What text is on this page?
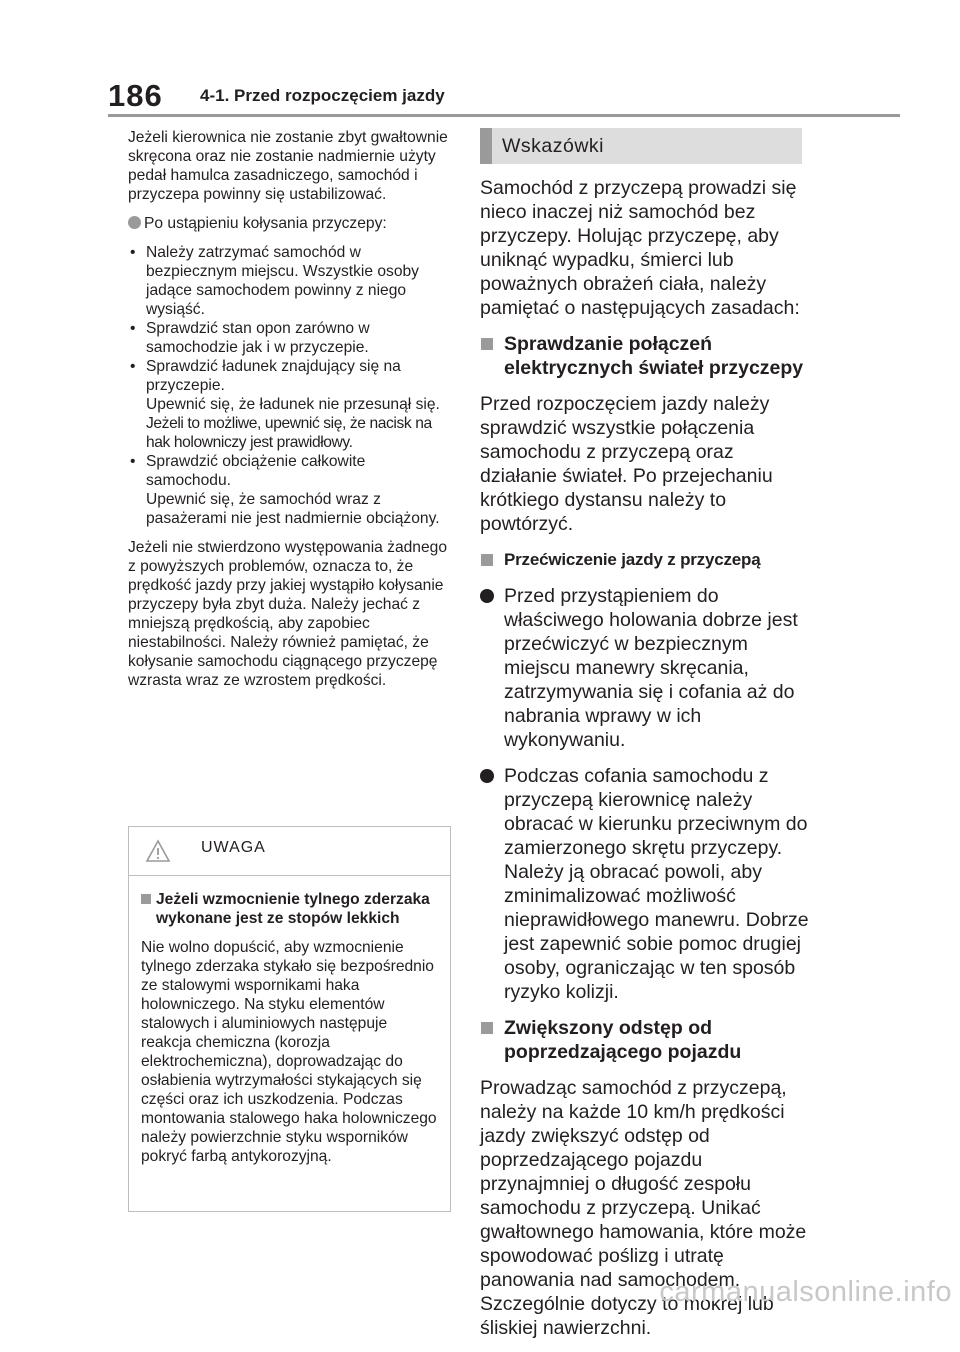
186 4-1. Przed rozpoczęciem jazdy

Jeżeli kierownica nie zostanie zbyt gwałtownie skręcona oraz nie zostanie nadmiernie użyty pedał hamulca zasadniczego, samochód i przyczepa powinny się ustabilizować.

Po ustąpieniu kołysania przyczepy:

• Należy zatrzymać samochód w bezpiecznym miejscu. Wszystkie osoby jadące samochodem powinny z niego wysiąść.
• Sprawdzić stan opon zarówno w samochodzie jak i w przyczepie.
• Sprawdzić ładunek znajdujący się na przyczepie.
Upewnić się, że ładunek nie przesunął się.
Jeżeli to możliwe, upewnić się, że nacisk na hak holowniczy jest prawidłowy.
• Sprawdzić obciążenie całkowite samochodu.
Upewnić się, że samochód wraz z pasażerami nie jest nadmiernie obciążony.

Jeżeli nie stwierdzono występowania żadnego z powyższych problemów, oznacza to, że prędkość jazdy przy jakiej wystąpiło kołysanie przyczepy była zbyt duża. Należy jechać z mniejszą prędkością, aby zapobiec niestabilności. Należy również pamiętać, że kołysanie samochodu ciągnącego przyczepę wzrasta wraz ze wzrostem prędkości.

UWAGA
Jeżeli wzmocnienie tylnego zderzaka wykonane jest ze stopów lekkich

Nie wolno dopuścić, aby wzmocnienie tylnego zderzaka stykało się bezpośrednio ze stalowymi wspornikami haka holowniczego. Na styku elementów stalowych i aluminiowych następuje reakcja chemiczna (korozja elektrochemiczna), doprowadzając do osłabienia wytrzymałości stykających się części oraz ich uszkodzenia. Podczas montowania stalowego haka holowniczego należy powierzchnie styku wsporników pokryć farbą antykorozyjną.

Wskazówki

Samochód z przyczepą prowadzi się nieco inaczej niż samochód bez przyczepy. Holując przyczepę, aby uniknąć wypadku, śmierci lub poważnych obrażeń ciała, należy pamiętać o następujących zasadach:

Sprawdzanie połączeń elektrycznych świateł przyczepy

Przed rozpoczęciem jazdy należy sprawdzić wszystkie połączenia samochodu z przyczepą oraz działanie świateł. Po przejechaniu krótkiego dystansu należy to powtórzyć.

Przećwiczenie jazdy z przyczepą
Przed przystąpieniem do właściwego holowania dobrze jest przećwiczyć w bezpiecznym miejscu manewry skręcania, zatrzymywania się i cofania aż do nabrania wprawy w ich wykonywaniu.
Podczas cofania samochodu z przyczepą kierownicę należy obracać w kierunku przeciwnym do zamierzonego skrętu przyczepy. Należy ją obracać powoli, aby zminimalizować możliwość nieprawidłowego manewru. Dobrze jest zapewnić sobie pomoc drugiej osoby, ograniczając w ten sposób ryzyko kolizji.
Zwiększony odstęp od poprzedzającego pojazdu

Prowadząc samochód z przyczepą, należy na każde 10 km/h prędkości jazdy zwiększyć odstęp od poprzedzającego pojazdu przynajmniej o długość zespołu samochodu z przyczepą. Unikać gwałtownego hamowania, które może spowodować poślizg i utratę panowania nad samochodem. Szczególnie dotyczy to mokrej lub śliskiej nawierzchni.

carmanualsonline.info
